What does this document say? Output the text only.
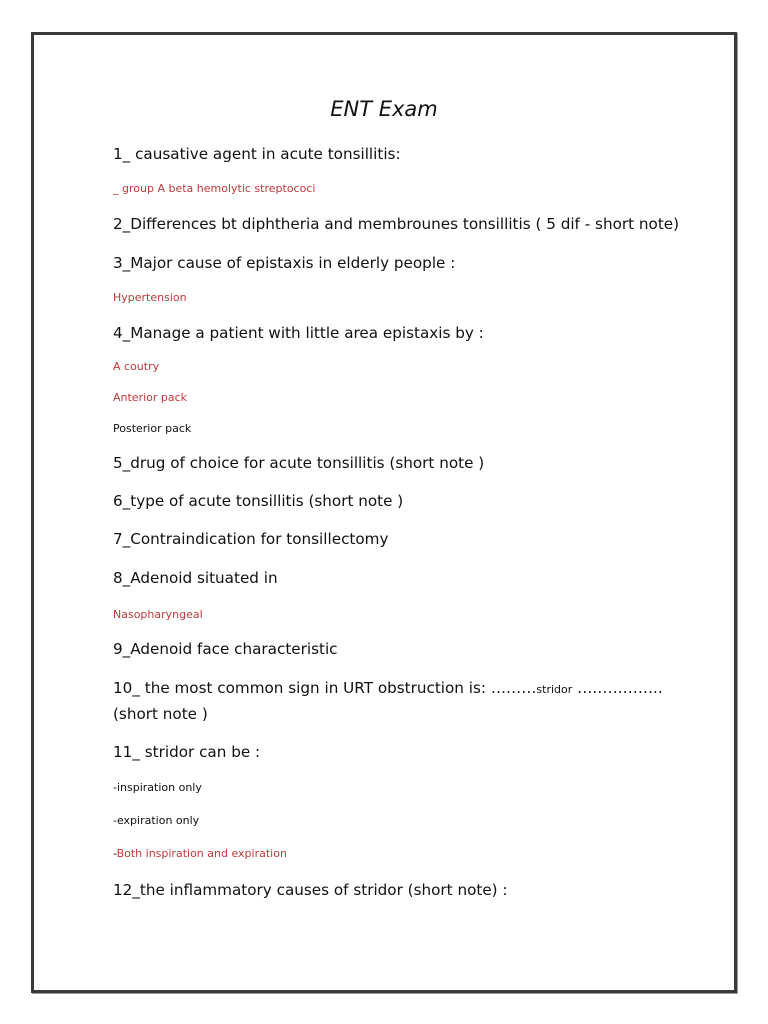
ENT Exam
1_ causative agent in acute tonsillitis:
_ group A beta hemolytic streptococi
2_Differences bt diphtheria and membrounes tonsillitis ( 5 dif - short note)
3_Major cause of epistaxis in elderly people :
Hypertension
4_Manage a patient with little area epistaxis by :
A coutry
Anterior pack
Posterior pack
5_drug of choice for acute tonsillitis (short note )
6_type of acute tonsillitis (short note )
7_Contraindication for tonsillectomy
8_Adenoid situated in
Nasopharyngeal
9_Adenoid face characteristic
10_ the most common sign in URT obstruction is: ………stridor ……………..
(short note )
11_ stridor can be :
-inspiration only
-expiration only
-Both inspiration and expiration
12_the inflammatory causes of stridor (short note) :
